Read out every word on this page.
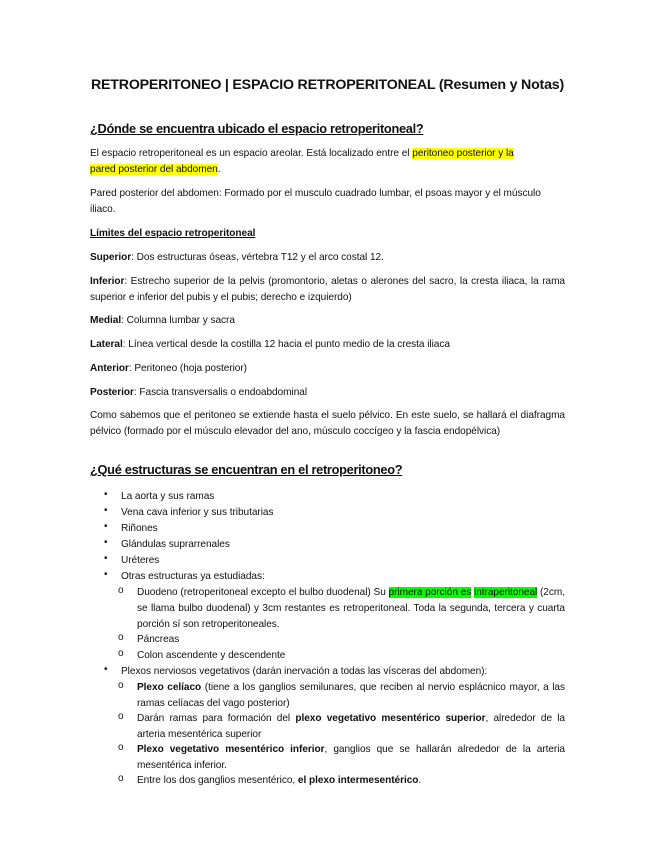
RETROPERITONEO | ESPACIO RETROPERITONEAL (Resumen y Notas)
¿Dónde se encuentra ubicado el espacio retroperitoneal?
El espacio retroperitoneal es un espacio areolar. Está localizado entre el peritoneo posterior y la
pared posterior del abdomen.
Pared posterior del abdomen: Formado por el musculo cuadrado lumbar, el psoas mayor y el músculo iliaco.
Límites del espacio retroperitoneal
Superior: Dos estructuras óseas, vértebra T12 y el arco costal 12.
Inferior: Estrecho superior de la pelvis (promontorio, aletas o alerones del sacro, la cresta iliaca, la rama superior e inferior del pubis y el pubis; derecho e izquierdo)
Medial: Columna lumbar y sacra
Lateral: Línea vertical desde la costilla 12 hacia el punto medio de la cresta iliaca
Anterior: Peritoneo (hoja posterior)
Posterior: Fascia transversalis o endoabdominal
Como sabemos que el peritoneo se extiende hasta el suelo pélvico. En este suelo, se hallará el diafragma pélvico (formado por el músculo elevador del ano, músculo coccígeo y la fascia endopélvica)
¿Qué estructuras se encuentran en el retroperitoneo?
• La aorta y sus ramas
• Vena cava inferior y sus tributarias
• Riñones
• Glándulas suprarrenales
• Uréteres
• Otras estructuras ya estudiadas:
o Duodeno (retroperitoneal excepto el bulbo duodenal) Su primera porción es intraperitoneal (2cm, se llama bulbo duodenal) y 3cm restantes es retroperitoneal. Toda la segunda, tercera y cuarta porción sí son retroperitoneales.
o Páncreas
o Colon ascendente y descendente
• Plexos nerviosos vegetativos (darán inervación a todas las vísceras del abdomen):
o Plexo celíaco (tiene a los ganglios semilunares, que reciben al nervio esplácnico mayor, a las ramas celíacas del vago posterior)
o Darán ramas para formación del plexo vegetativo mesentérico superior, alrededor de la arteria mesentérica superior
o Plexo vegetativo mesentérico inferior, ganglios que se hallarán alrededor de la arteria mesentérica inferior.
o Entre los dos ganglios mesentérico, el plexo intermesentérico.
